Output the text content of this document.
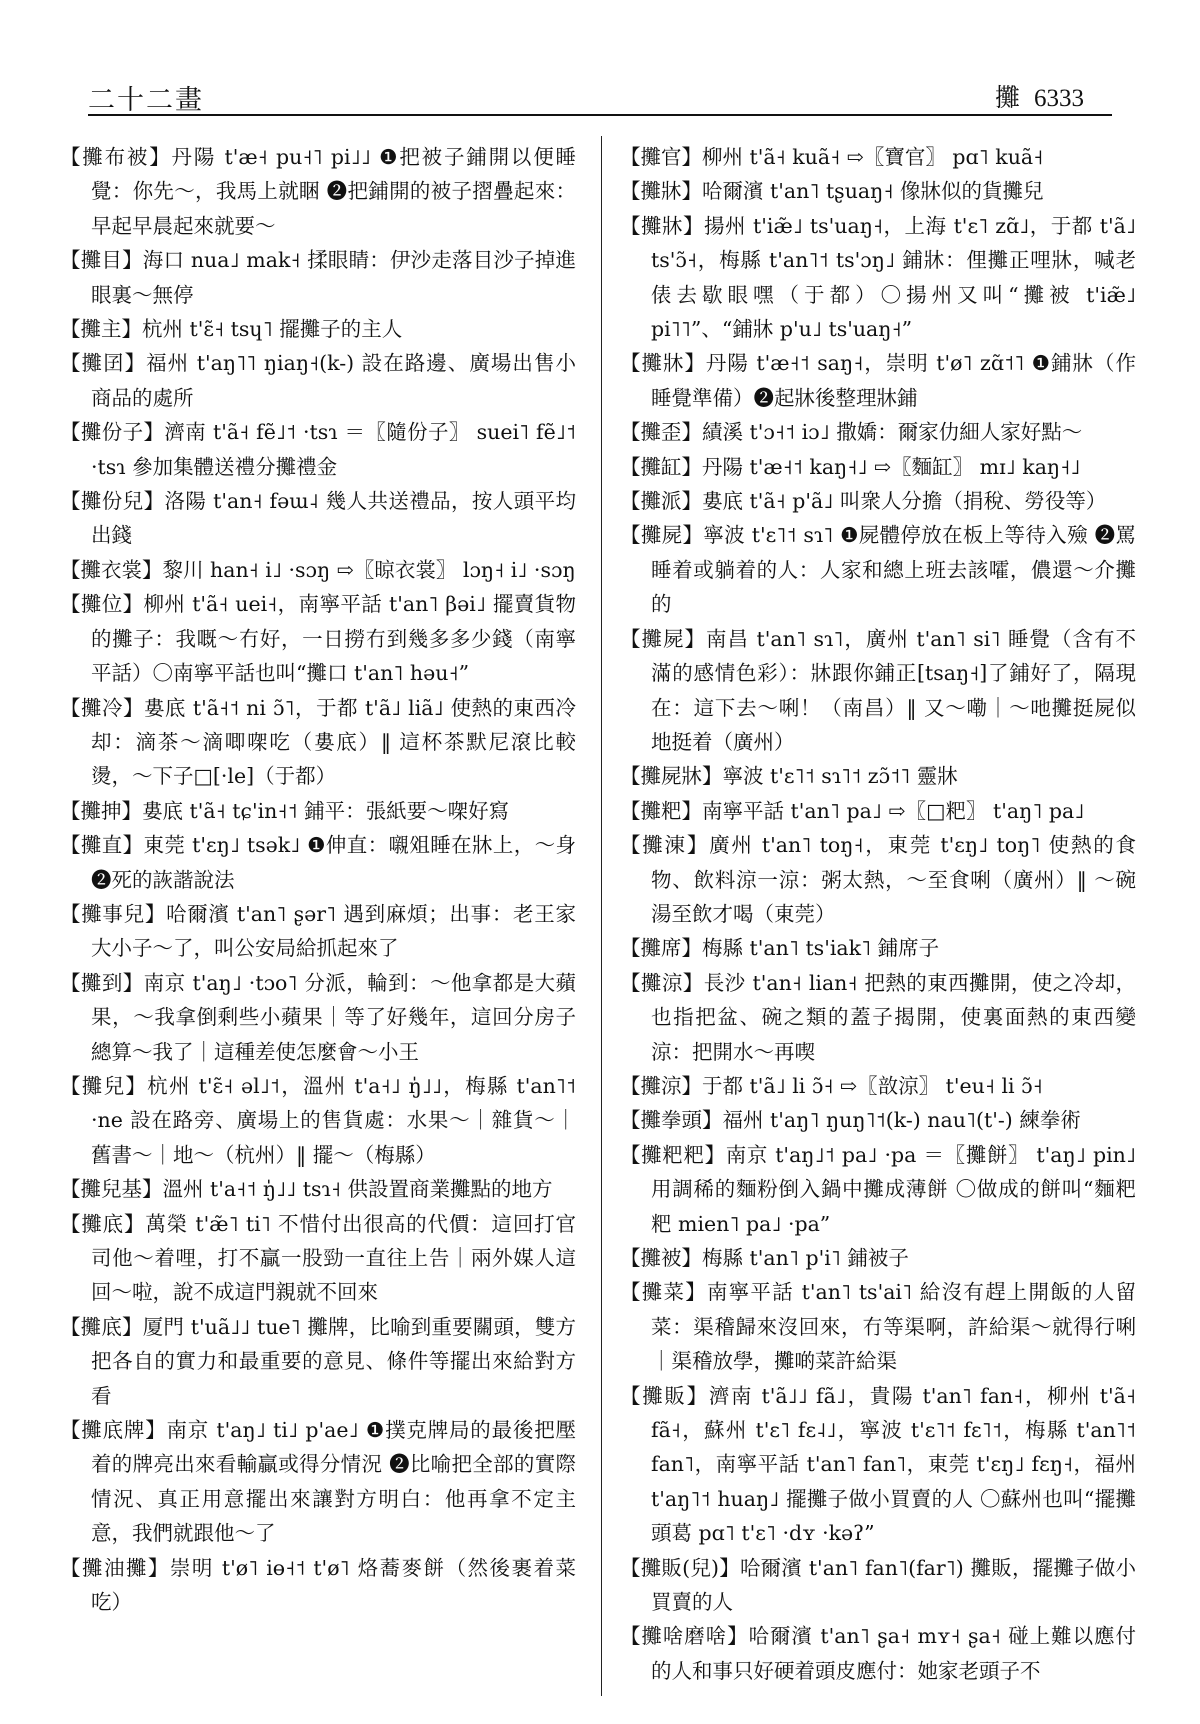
二十二畫	攤 6333

【攤布被】丹陽 t'æ˧ pu˧˥ pi˩˩ ❶把被子鋪開以便睡覺：你先～，我馬上就睏 ❷把鋪開的被子摺疊起來：早起早晨起來就要～

【攤目】海口 nua˩ mak˧ 揉眼睛：伊沙走落目沙子掉進眼裏～無停

【攤主】杭州 t'ɛ̃˧ tsɥ˥ 擺攤子的主人

【攤囝】福州 t'aŋ˥˥ ŋiaŋ˧(k-) 設在路邊、廣場出售小商品的處所

【攤份子】濟南 t'ã˧ fẽ˩˦ ·tsɿ ＝〖隨份子〗 suei˥ fẽ˩˦ ·tsɿ 參加集體送禮分攤禮金

【攤份兒】洛陽 t'an˧ fəɯ˨ 幾人共送禮品，按人頭平均出錢

【攤衣裳】黎川 han˧ i˩ ·sɔŋ ⇨〖晾衣裳〗 lɔŋ˧ i˩ ·sɔŋ

【攤位】柳州 t'ã˧ uei˧，南寧平話 t'an˥ βəi˩ 擺賣貨物的攤子：我嘅～冇好，一日撈冇到幾多多少錢（南寧平話）〇南寧平話也叫“攤口 t'an˥ həu˧”

【攤冷】婁底 t'ã˧˦ ni ɔ̃˥，于都 t'ã˩ liã˩ 使熱的東西冷却：滴茶～滴唧㗎吃（婁底）‖ 這杯茶默尼滾比較燙，～下子□[·le]（于都）

【攤抻】婁底 t'ã˧ tɕ'in˧˦ 鋪平：張紙要～㗎好寫

【攤直】東莞 t'ɛŋ˩ tsək˩ ❶伸直：嚫㸖睡在牀上，～身 ❷死的詼諧說法

【攤事兒】哈爾濱 t'an˥ ʂər˥ 遇到麻煩；出事：老王家大小子～了，叫公安局給抓起來了

【攤到】南京 t'aŋ˩ ·tɔo˥ 分派，輪到：～他拿都是大蘋果，～我拿倒剩些小蘋果｜等了好幾年，這回分房子總算～我了｜這種差使怎麼會～小王

【攤兒】杭州 t'ɛ̃˧ əl˩˦，溫州 t'a˧˩ ŋ̍˩˩，梅縣 t'an˥˦ ·ne 設在路旁、廣場上的售貨處：水果～｜雜貨～｜舊書～｜地～（杭州）‖ 擺～（梅縣）

【攤兒基】溫州 t'a˧˦ ŋ̍˩˩ tsɿ˧ 供設置商業攤點的地方

【攤底】萬榮 t'æ̃˥ ti˥ 不惜付出很高的代價：這回打官司他～着哩，打不贏一股勁一直往上告｜兩外媒人這回～啦，說不成這門親就不回來

【攤底】厦門 t'uã˩˩ tue˥ 攤牌，比喻到重要關頭，雙方把各自的實力和最重要的意見、條件等擺出來給對方看

【攤底牌】南京 t'aŋ˩ ti˩ p'ae˩ ❶撲克牌局的最後把壓着的牌亮出來看輸贏或得分情況 ❷比喻把全部的實際情況、真正用意擺出來讓對方明白：他再拿不定主意，我們就跟他～了

【攤油攤】崇明 t'ø˥ iɵ˧˦ t'ø˥ 烙蕎麥餅（然後裹着菜吃）

【攤官】柳州 t'ã˧ kuã˧ ⇨〖寶官〗 pɑ˥ kuã˧

【攤牀】哈爾濱 t'an˥ tʂuaŋ˧ 像牀似的貨攤兒

【攤牀】揚州 t'iæ̃˩ ts'uaŋ˧，上海 t'ɛ˥ zɑ̃˩，于都 t'ã˩ ts'ɔ̃˧，梅縣 t'an˥˦ ts'ɔŋ˩ 鋪牀：俚攤正哩牀，喊老俵去歇眼嘿（于都）〇揚州又叫“攤被 t'iæ̃˩ pi˥˥”、“鋪牀 p'u˩ ts'uaŋ˧”

【攤牀】丹陽 t'æ˧˦ saŋ˧，崇明 t'ø˥ zɑ̃˦˥ ❶鋪牀（作睡覺準備）❷起牀後整理牀鋪

【攤歪】績溪 t'ɔ˧˦ iɔ˩ 撒嬌：爾家仂細人家好點～

【攤缸】丹陽 t'æ˧˦ kaŋ˧˩ ⇨〖麵缸〗 mɪ˩ kaŋ˧˩

【攤派】婁底 t'ã˧ p'ã˩ 叫衆人分擔（捐稅、勞役等）

【攤屍】寧波 t'ɛ˥˦ sɿ˥ ❶屍體停放在板上等待入殮 ❷罵睡着或躺着的人：人家和總上班去該嚯，儂還～介攤的

【攤屍】南昌 t'an˥ sɿ˥，廣州 t'an˥ si˥ 睡覺（含有不滿的感情色彩）：牀跟你鋪正[tsaŋ˧]了鋪好了，隔現在：這下去～唎！（南昌）‖ 又～嘞｜～吔攤挺屍似地挺着（廣州）

【攤屍牀】寧波 t'ɛ˥˦ sɿ˥˦ zɔ̃˦˥ 靈牀

【攤粑】南寧平話 t'an˥ pa˩ ⇨〖□粑〗 t'aŋ˥ pa˩

【攤涷】廣州 t'an˥ toŋ˧，東莞 t'ɛŋ˩ toŋ˥ 使熱的食物、飲料涼一涼：粥太熱，～至食唎（廣州）‖ ～碗湯至飲才喝（東莞）

【攤席】梅縣 t'an˥ ts'iak˥ 鋪席子

【攤涼】長沙 t'an˧ lian˧ 把熱的東西攤開，使之冷却，也指把盆、碗之類的蓋子揭開，使裏面熱的東西變涼：把開水～再喫

【攤涼】于都 t'ã˩ li ɔ̃˧ ⇨〖敨涼〗 t'eu˧ li ɔ̃˧

【攤拳頭】福州 t'aŋ˥ ŋuŋ˥˦(k-) nau˥(t'-) 練拳術

【攤粑粑】南京 t'aŋ˩˦ pa˩ ·pa ＝〖攤餅〗 t'aŋ˩ pin˩ 用調稀的麵粉倒入鍋中攤成薄餅 〇做成的餅叫“麵粑粑 mien˥ pa˩ ·pa”

【攤被】梅縣 t'an˥ p'i˥ 鋪被子

【攤菜】南寧平話 t'an˥ ts'ai˥ 給沒有趕上開飯的人留菜：渠稽歸來沒回來，冇等渠啊，許給渠～就得行唎｜渠稽放學，攤啲菜許給渠

【攤販】濟南 t'ã˩˩ fã˩，貴陽 t'an˥ fan˧，柳州 t'ã˧ fã˧，蘇州 t'ɛ˥ fɛ˨˩，寧波 t'ɛ˥˦ fɛ˥˦，梅縣 t'an˥˦ fan˥，南寧平話 t'an˥ fan˥，東莞 t'ɛŋ˩ fɛŋ˧，福州 t'aŋ˥˦ huaŋ˩ 擺攤子做小買賣的人 〇蘇州也叫“擺攤頭葛 pɑ˥ t'ɛ˥ ·dʏ ·kəʔ”

【攤販(兒)】哈爾濱 t'an˥ fan˥(far˥) 攤販，擺攤子做小買賣的人

【攤啥磨啥】哈爾濱 t'an˥ ʂa˧ mʏ˧ ʂa˧ 碰上難以應付的人和事只好硬着頭皮應付：她家老頭子不
